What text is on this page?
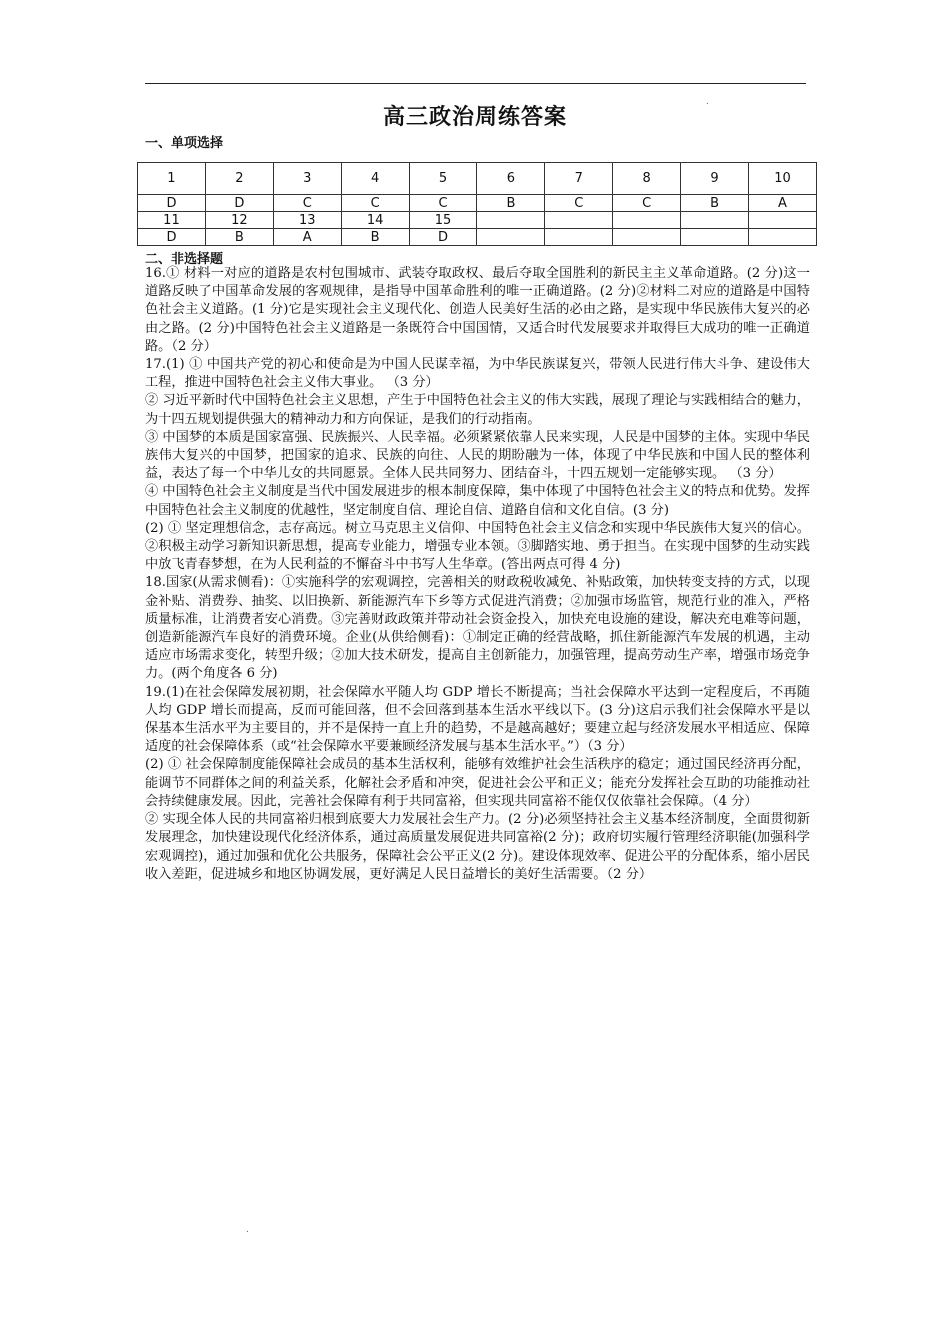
.
高三政治周练答案
一、单项选择
1	2	3	4	5	6	7	8	9	10
D	D	C	C	C	B	C	C	B	A
11	12	13	14	15					
D	B	A	B	D					
二、非选择题

16.① 材料一对应的道路是农村包围城市、武装夺取政权、最后夺取全国胜利的新民主主义革命道路。(2 分)这一道路反映了中国革命发展的客观规律，是指导中国革命胜利的唯一正确道路。(2 分)②材料二对应的道路是中国特色社会主义道路。(1 分)它是实现社会主义现代化、创造人民美好生活的必由之路，是实现中华民族伟大复兴的必由之路。(2 分)中国特色社会主义道路是一条既符合中国国情，又适合时代发展要求并取得巨大成功的唯一正确道路。（2 分）

17.(1) ① 中国共产党的初心和使命是为中国人民谋幸福，为中华民族谋复兴，带领人民进行伟大斗争、建设伟大工程，推进中国特色社会主义伟大事业。 （3 分）

② 习近平新时代中国特色社会主义思想，产生于中国特色社会主义的伟大实践，展现了理论与实践相结合的魅力，为十四五规划提供强大的精神动力和方向保证，是我们的行动指南。

③ 中国梦的本质是国家富强、民族振兴、人民幸福。必须紧紧依靠人民来实现，人民是中国梦的主体。实现中华民族伟大复兴的中国梦，把国家的追求、民族的向往、人民的期盼融为一体，体现了中华民族和中国人民的整体利益，表达了每一个中华儿女的共同愿景。全体人民共同努力、团结奋斗，十四五规划一定能够实现。 （3 分）

④ 中国特色社会主义制度是当代中国发展进步的根本制度保障，集中体现了中国特色社会主义的特点和优势。发挥中国特色社会主义制度的优越性，坚定制度自信、理论自信、道路自信和文化自信。(3 分)

(2) ① 坚定理想信念，志存高远。树立马克思主义信仰、中国特色社会主义信念和实现中华民族伟大复兴的信心。②积极主动学习新知识新思想，提高专业能力，增强专业本领。③脚踏实地、勇于担当。在实现中国梦的生动实践中放飞青春梦想，在为人民利益的不懈奋斗中书写人生华章。(答出两点可得 4 分)

18.国家(从需求侧看)：①实施科学的宏观调控，完善相关的财政税收减免、补贴政策，加快转变支持的方式，以现金补贴、消费券、抽奖、以旧换新、新能源汽车下乡等方式促进汽消费；②加强市场监管，规范行业的准入，严格质量标准，让消费者安心消费。③完善财政政策并带动社会资金投入，加快充电设施的建设，解决充电难等问题，创造新能源汽车良好的消费环境。企业(从供给侧看)：①制定正确的经营战略，抓住新能源汽车发展的机遇，主动适应市场需求变化，转型升级；②加大技术研发，提高自主创新能力，加强管理，提高劳动生产率，增强市场竞争力。(两个角度各 6 分)

19.(1)在社会保障发展初期，社会保障水平随人均 GDP 增长不断提高；当社会保障水平达到一定程度后，不再随人均 GDP 增长而提高，反而可能回落，但不会回落到基本生活水平线以下。(3 分)这启示我们社会保障水平是以保基本生活水平为主要目的，并不是保持一直上升的趋势，不是越高越好；要建立起与经济发展水平相适应、保障适度的社会保障体系（或“社会保障水平要兼顾经济发展与基本生活水平。”）（3 分）

(2) ① 社会保障制度能保障社会成员的基本生活权利，能够有效维护社会生活秩序的稳定；通过国民经济再分配，能调节不同群体之间的利益关系，化解社会矛盾和冲突，促进社会公平和正义；能充分发挥社会互助的功能推动社会持续健康发展。因此，完善社会保障有利于共同富裕，但实现共同富裕不能仅仅依靠社会保障。（4 分）

② 实现全体人民的共同富裕归根到底要大力发展社会生产力。(2 分)必须坚持社会主义基本经济制度，全面贯彻新发展理念，加快建设现代化经济体系，通过高质量发展促进共同富裕(2 分)；政府切实履行管理经济职能(加强科学宏观调控)，通过加强和优化公共服务，保障社会公平正义(2 分)。建设体现效率、促进公平的分配体系，缩小居民收入差距，促进城乡和地区协调发展，更好满足人民日益增长的美好生活需要。（2 分）

.
